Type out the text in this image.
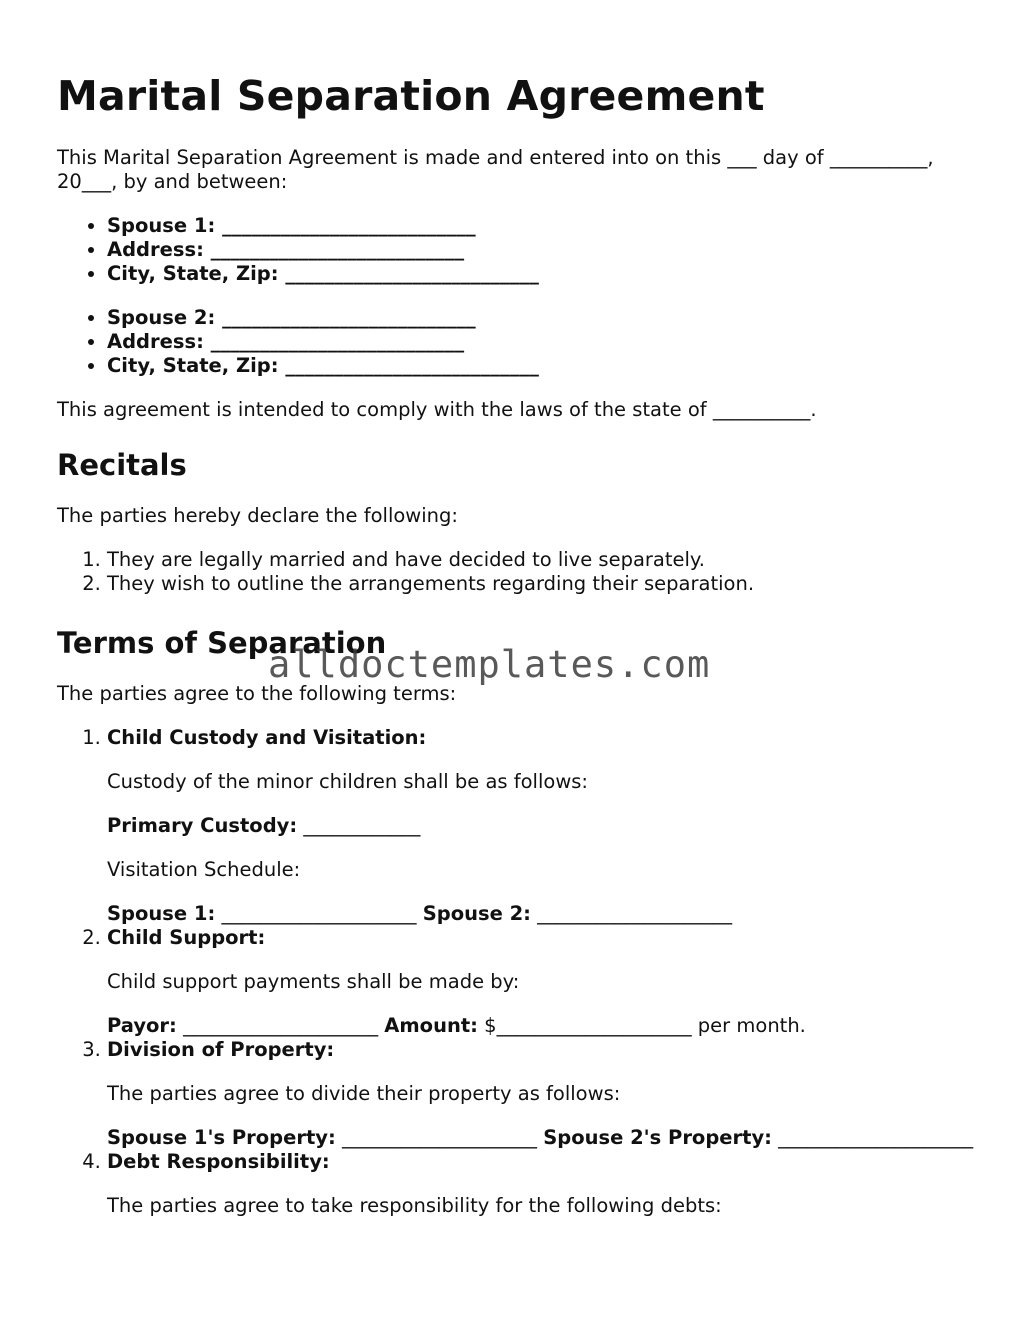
Marital Separation Agreement

This Marital Separation Agreement is made and entered into on this ___ day of __________, 20___, by and between:

• Spouse 1: __________________________
• Address: __________________________
• City, State, Zip: __________________________
• Spouse 2: __________________________
• Address: __________________________
• City, State, Zip: __________________________

This agreement is intended to comply with the laws of the state of __________.

Recitals

The parties hereby declare the following:

1. They are legally married and have decided to live separately.
2. They wish to outline the arrangements regarding their separation.
Terms of Separation

The parties agree to the following terms:

1. Child Custody and Visitation:

Custody of the minor children shall be as follows:

Primary Custody: ____________

Visitation Schedule:

Spouse 1: ____________________ Spouse 2: ____________________

2. Child Support:

Child support payments shall be made by:

Payor: ____________________ Amount: $____________________ per month.

3. Division of Property:

The parties agree to divide their property as follows:

Spouse 1's Property: ____________________ Spouse 2's Property: ____________________

4. Debt Responsibility:

The parties agree to take responsibility for the following debts:

alldoctemplates.com
